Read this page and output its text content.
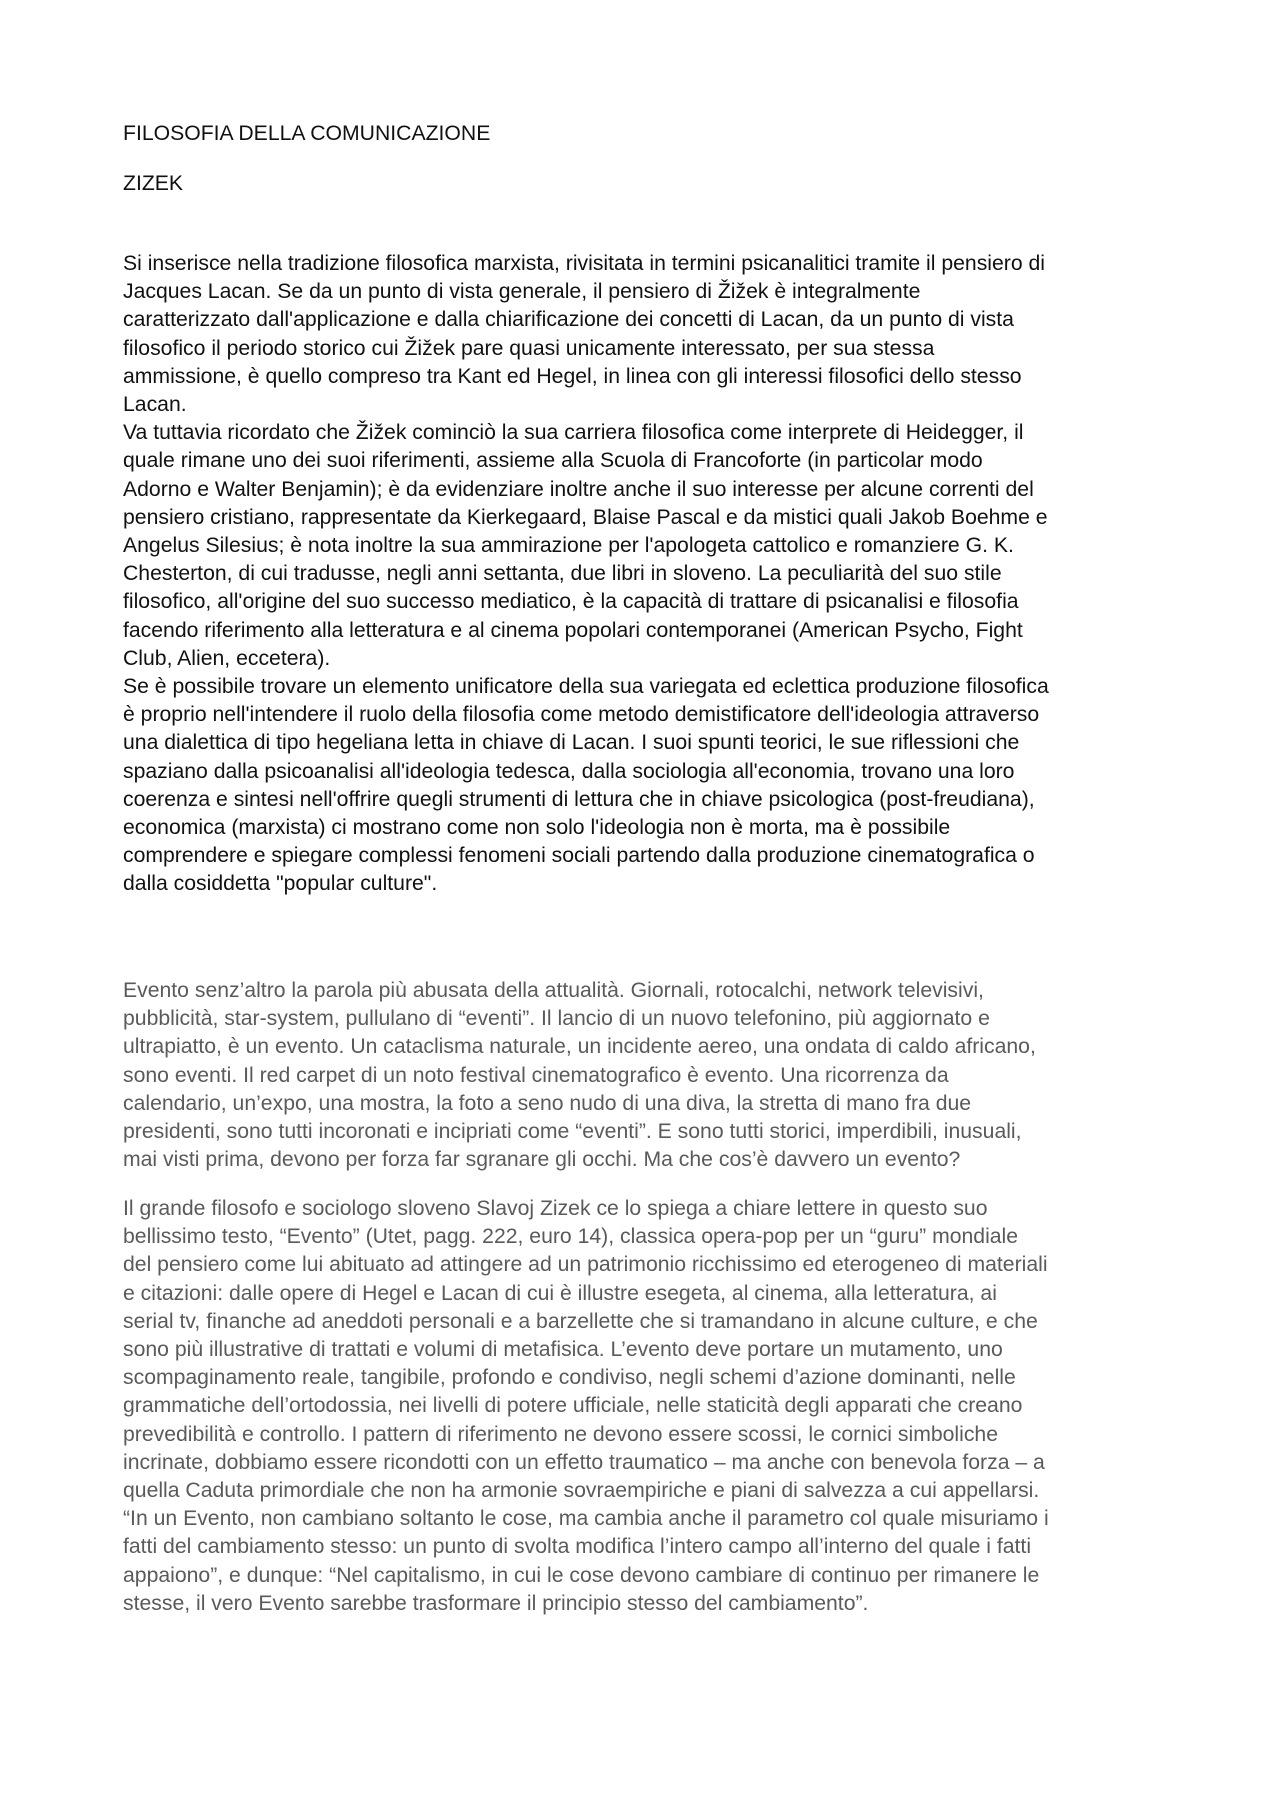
FILOSOFIA DELLA COMUNICAZIONE

ZIZEK

Si inserisce nella tradizione filosofica marxista, rivisitata in termini psicanalitici tramite il pensiero di
Jacques Lacan. Se da un punto di vista generale, il pensiero di Žižek è integralmente
caratterizzato dall'applicazione e dalla chiarificazione dei concetti di Lacan, da un punto di vista
filosofico il periodo storico cui Žižek pare quasi unicamente interessato, per sua stessa
ammissione, è quello compreso tra Kant ed Hegel, in linea con gli interessi filosofici dello stesso
Lacan.
Va tuttavia ricordato che Žižek cominciò la sua carriera filosofica come interprete di Heidegger, il
quale rimane uno dei suoi riferimenti, assieme alla Scuola di Francoforte (in particolar modo
Adorno e Walter Benjamin); è da evidenziare inoltre anche il suo interesse per alcune correnti del
pensiero cristiano, rappresentate da Kierkegaard, Blaise Pascal e da mistici quali Jakob Boehme e
Angelus Silesius; è nota inoltre la sua ammirazione per l'apologeta cattolico e romanziere G. K.
Chesterton, di cui tradusse, negli anni settanta, due libri in sloveno. La peculiarità del suo stile
filosofico, all'origine del suo successo mediatico, è la capacità di trattare di psicanalisi e filosofia
facendo riferimento alla letteratura e al cinema popolari contemporanei (American Psycho, Fight
Club, Alien, eccetera).
Se è possibile trovare un elemento unificatore della sua variegata ed eclettica produzione filosofica
è proprio nell'intendere il ruolo della filosofia come metodo demistificatore dell'ideologia attraverso
una dialettica di tipo hegeliana letta in chiave di Lacan. I suoi spunti teorici, le sue riflessioni che
spaziano dalla psicoanalisi all'ideologia tedesca, dalla sociologia all'economia, trovano una loro
coerenza e sintesi nell'offrire quegli strumenti di lettura che in chiave psicologica (post-freudiana),
economica (marxista) ci mostrano come non solo l'ideologia non è morta, ma è possibile
comprendere e spiegare complessi fenomeni sociali partendo dalla produzione cinematografica o
dalla cosiddetta "popular culture".
Evento senz’altro la parola più abusata della attualità. Giornali, rotocalchi, network televisivi,
pubblicità, star-system, pullulano di “eventi”. Il lancio di un nuovo telefonino, più aggiornato e
ultrapiatto, è un evento. Un cataclisma naturale, un incidente aereo, una ondata di caldo africano,
sono eventi. Il red carpet di un noto festival cinematografico è evento. Una ricorrenza da
calendario, un’expo, una mostra, la foto a seno nudo di una diva, la stretta di mano fra due
presidenti, sono tutti incoronati e incipriati come “eventi”. E sono tutti storici, imperdibili, inusuali,
mai visti prima, devono per forza far sgranare gli occhi. Ma che cos’è davvero un evento?
Il grande filosofo e sociologo sloveno Slavoj Zizek ce lo spiega a chiare lettere in questo suo
bellissimo testo, “Evento” (Utet, pagg. 222, euro 14), classica opera-pop per un “guru” mondiale
del pensiero come lui abituato ad attingere ad un patrimonio ricchissimo ed eterogeneo di materiali
e citazioni: dalle opere di Hegel e Lacan di cui è illustre esegeta, al cinema, alla letteratura, ai
serial tv, finanche ad aneddoti personali e a barzellette che si tramandano in alcune culture, e che
sono più illustrative di trattati e volumi di metafisica. L’evento deve portare un mutamento, uno
scompaginamento reale, tangibile, profondo e condiviso, negli schemi d’azione dominanti, nelle
grammatiche dell’ortodossia, nei livelli di potere ufficiale, nelle staticità degli apparati che creano
prevedibilità e controllo. I pattern di riferimento ne devono essere scossi, le cornici simboliche
incrinate, dobbiamo essere ricondotti con un effetto traumatico – ma anche con benevola forza – a
quella Caduta primordiale che non ha armonie sovraempiriche e piani di salvezza a cui appellarsi.
“In un Evento, non cambiano soltanto le cose, ma cambia anche il parametro col quale misuriamo i
fatti del cambiamento stesso: un punto di svolta modifica l’intero campo all’interno del quale i fatti
appaiono”, e dunque: “Nel capitalismo, in cui le cose devono cambiare di continuo per rimanere le
stesse, il vero Evento sarebbe trasformare il principio stesso del cambiamento”.
